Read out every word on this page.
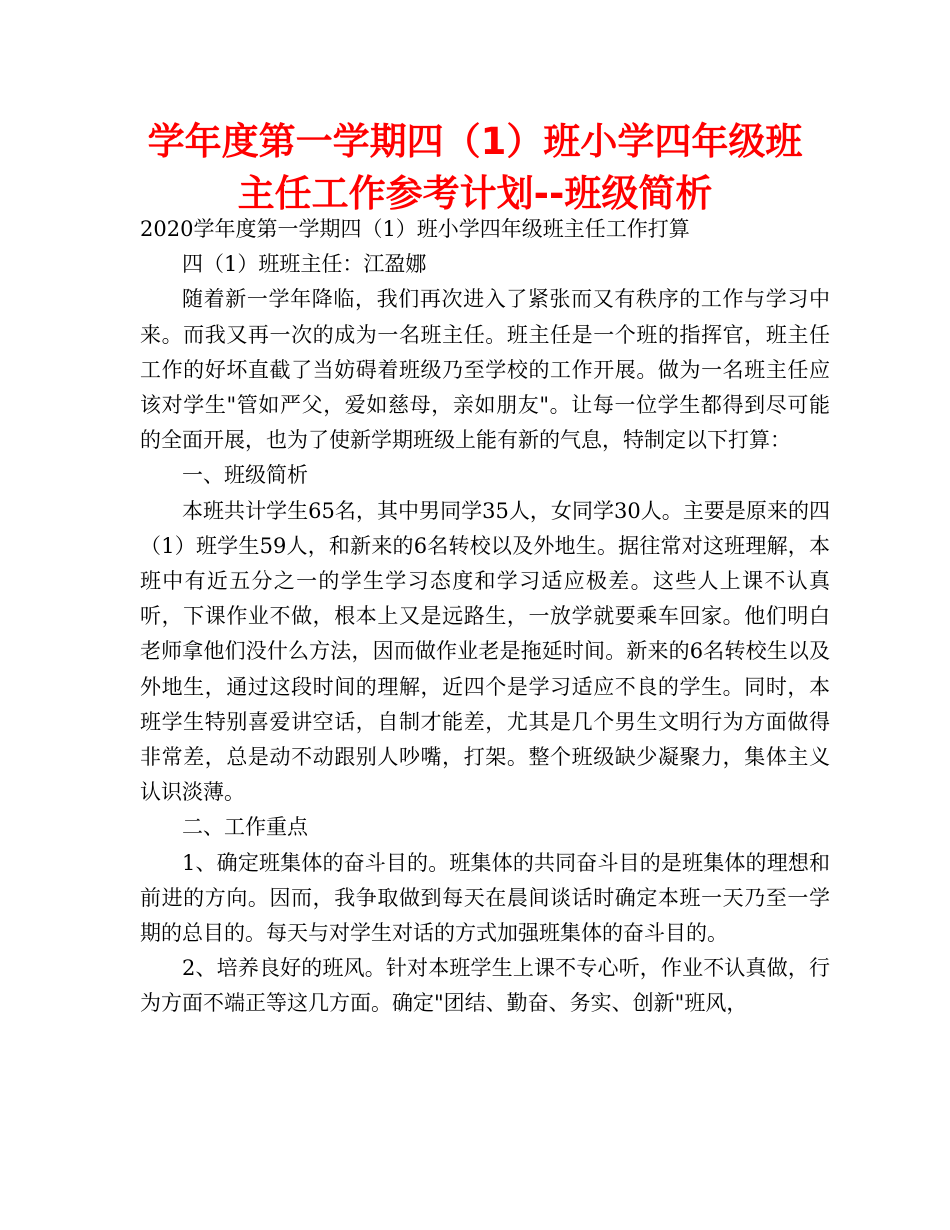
学年度第一学期四（1）班小学四年级班主任工作参考计划--班级简析

2020学年度第一学期四（1）班小学四年级班主任工作打算

四（1）班班主任：江盈娜

随着新一学年降临，我们再次进入了紧张而又有秩序的工作与学习中来。而我又再一次的成为一名班主任。班主任是一个班的指挥官，班主任工作的好坏直截了当妨碍着班级乃至学校的工作开展。做为一名班主任应该对学生"管如严父，爱如慈母，亲如朋友"。让每一位学生都得到尽可能的全面开展，也为了使新学期班级上能有新的气息，特制定以下打算：

一、班级简析

本班共计学生65名，其中男同学35人，女同学30人。主要是原来的四（1）班学生59人，和新来的6名转校以及外地生。据往常对这班理解，本班中有近五分之一的学生学习态度和学习适应极差。这些人上课不认真听，下课作业不做，根本上又是远路生，一放学就要乘车回家。他们明白老师拿他们没什么方法，因而做作业老是拖延时间。新来的6名转校生以及外地生，通过这段时间的理解，近四个是学习适应不良的学生。同时，本班学生特别喜爱讲空话，自制才能差，尤其是几个男生文明行为方面做得非常差，总是动不动跟别人吵嘴，打架。整个班级缺少凝聚力，集体主义认识淡薄。

二、工作重点

1、确定班集体的奋斗目的。班集体的共同奋斗目的是班集体的理想和前进的方向。因而，我争取做到每天在晨间谈话时确定本班一天乃至一学期的总目的。每天与对学生对话的方式加强班集体的奋斗目的。

2、培养良好的班风。针对本班学生上课不专心听，作业不认真做，行为方面不端正等这几方面。确定"团结、勤奋、务实、创新"班风，
